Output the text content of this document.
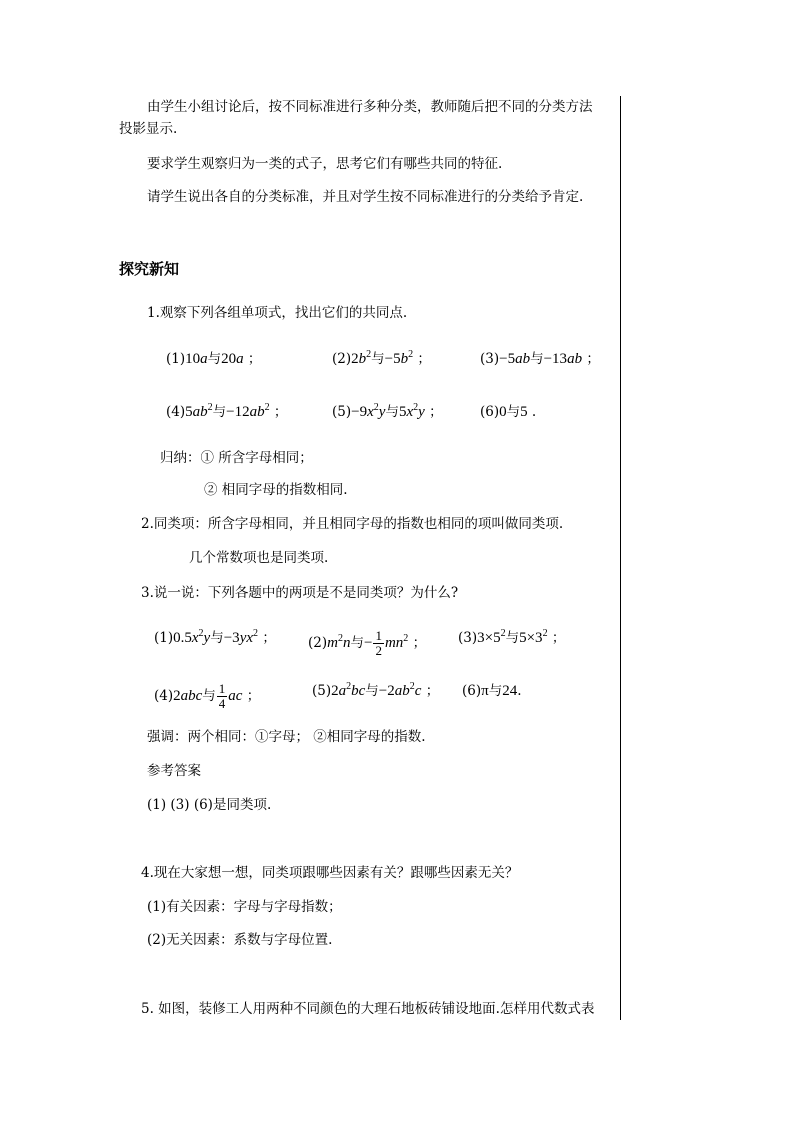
由学生小组讨论后，按不同标准进行多种分类，教师随后把不同的分类方法
投影显示.
要求学生观察归为一类的式子，思考它们有哪些共同的特征.
请学生说出各自的分类标准，并且对学生按不同标准进行的分类给予肯定.
探究新知
1.观察下列各组单项式，找出它们的共同点.
(1)10a与20a ；	$(2)2b^2$与$-5b^2$ ；	(3)−5ab与−13ab ；
$(4)5ab^2$与$-12ab^2$ ；	$(5)-9x^2y$与$5x^2y$ ；	(6)0与5 .
归纳：① 所含字母相同；
② 相同字母的指数相同.
2.同类项：所含字母相同，并且相同字母的指数也相同的项叫做同类项.
几个常数项也是同类项.
3.说一说：下列各题中的两项是不是同类项？为什么?
$(1)0.5x^2y$与$-3yx^2$ ； $(2)m^2n$与− $\frac{1}{2} mn^2$ ； $(3)3\times 5^2$与$5\times 3^2$ ；
(4)2abc与 $\frac{1}{4}$ ac ；	$(5)2a^2bc$与$-2ab^2c$ ； (6)π与24.
强调：两个相同：①字母； ②相同字母的指数.
参考答案
(1) (3) (6)是同类项.
4.现在大家想一想，同类项跟哪些因素有关？跟哪些因素无关？
(1)有关因素：字母与字母指数；
(2)无关因素：系数与字母位置.
5. 如图，装修工人用两种不同颜色的大理石地板砖铺设地面.怎样用代数式表
